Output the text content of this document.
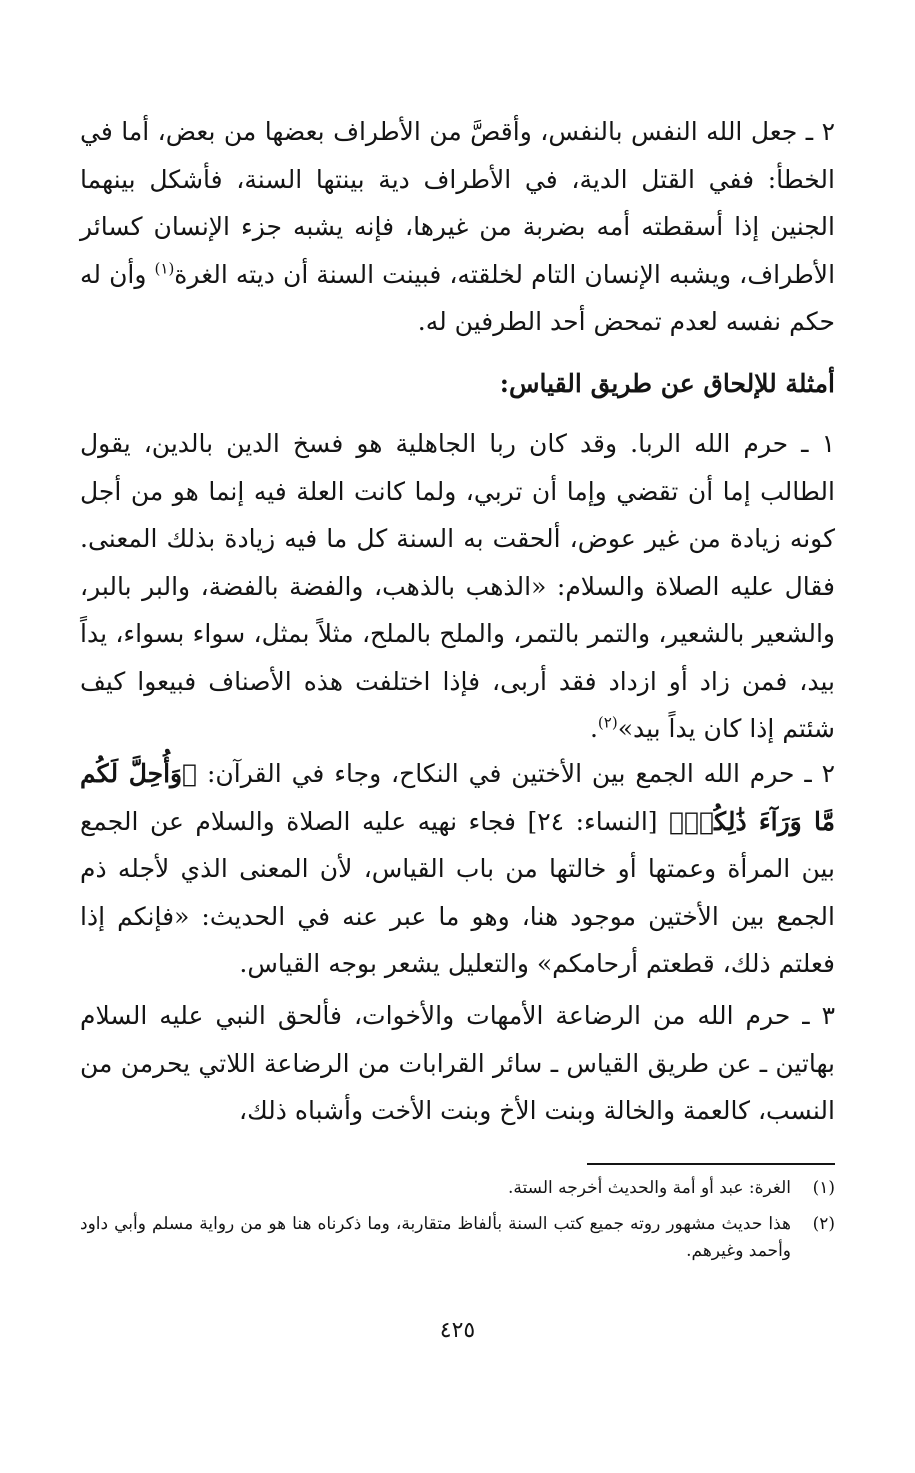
٢ ـ جعل الله النفس بالنفس، وأقصَّ من الأطراف بعضها من بعض، أما في الخطأ: ففي القتل الدية، في الأطراف دية بينتها السنة، فأشكل بينهما الجنين إذا أسقطته أمه بضربة من غيرها، فإنه يشبه جزء الإنسان كسائر الأطراف، ويشبه الإنسان التام لخلقته، فبينت السنة أن ديته الغرة$^{(١)}$ وأن له حكم نفسه لعدم تمحض أحد الطرفين له.

أمثلة للإلحاق عن طريق القياس:

١ ـ حرم الله الربا. وقد كان ربا الجاهلية هو فسخ الدين بالدين، يقول الطالب إما أن تقضي وإما أن تربي، ولما كانت العلة فيه إنما هو من أجل كونه زيادة من غير عوض، ألحقت به السنة كل ما فيه زيادة بذلك المعنى. فقال عليه الصلاة والسلام: «الذهب بالذهب، والفضة بالفضة، والبر بالبر، والشعير بالشعير، والتمر بالتمر، والملح بالملح، مثلاً بمثل، سواء بسواء، يداً بيد، فمن زاد أو ازداد فقد أربى، فإذا اختلفت هذه الأصناف فبيعوا كيف شئتم إذا كان يداً بيد»$^{(٢)}$.

٢ ـ حرم الله الجمع بين الأختين في النكاح، وجاء في القرآن: ﴿وَأُحِلَّ لَكُم مَّا وَرَآءَ ذَٰلِكُمۡ﴾ [النساء: ٢٤] فجاء نهيه عليه الصلاة والسلام عن الجمع بين المرأة وعمتها أو خالتها من باب القياس، لأن المعنى الذي لأجله ذم الجمع بين الأختين موجود هنا، وهو ما عبر عنه في الحديث: «فإنكم إذا فعلتم ذلك، قطعتم أرحامكم» والتعليل يشعر بوجه القياس.

٣ ـ حرم الله من الرضاعة الأمهات والأخوات، فألحق النبي عليه السلام بهاتين ـ عن طريق القياس ـ سائر القرابات من الرضاعة اللاتي يحرمن من النسب، كالعمة والخالة وبنت الأخ وبنت الأخت وأشباه ذلك،

(١)
الغرة: عبد أو أمة والحديث أخرجه الستة.
(٢)
هذا حديث مشهور روته جميع كتب السنة بألفاظ متقاربة، وما ذكرناه هنا هو من رواية مسلم وأبي داود وأحمد وغيرهم.
٤٢٥
